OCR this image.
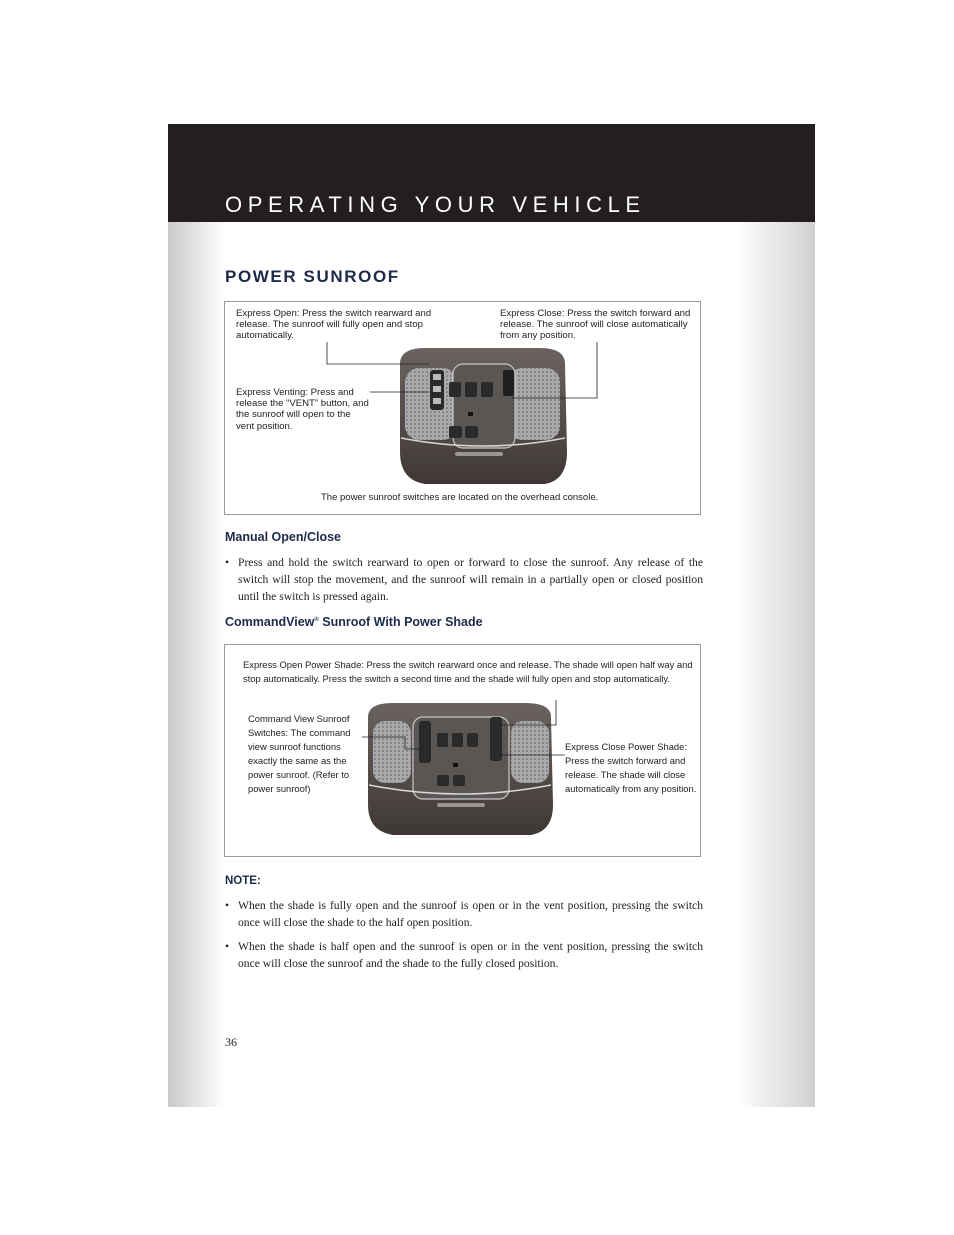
OPERATING YOUR VEHICLE
POWER SUNROOF
Express Open: Press the switch rearward and release. The sunroof will fully open and stop automatically.
Express Close: Press the switch forward and release. The sunroof will close automatically from any position.
Express Venting: Press and release the “VENT” button, and the sunroof will open to the vent position.
The power sunroof switches are located on the overhead console.
Manual Open/Close
• Press and hold the switch rearward to open or forward to close the sunroof. Any release of the switch will stop the movement, and the sunroof will remain in a partially open or closed position until the switch is pressed again.
CommandView® Sunroof With Power Shade
Express Open Power Shade: Press the switch rearward once and release. The shade will open half way and stop automatically. Press the switch a second time and the shade will fully open and stop automatically.
Command View Sunroof Switches: The command view sunroof functions exactly the same as the power sunroof. (Refer to power sunroof)
Express Close Power Shade: Press the switch forward and release. The shade will close automatically from any position.
NOTE:
• When the shade is fully open and the sunroof is open or in the vent position, pressing the switch once will close the shade to the half open position.
• When the shade is half open and the sunroof is open or in the vent position, pressing the switch once will close the sunroof and the shade to the fully closed position.
36
